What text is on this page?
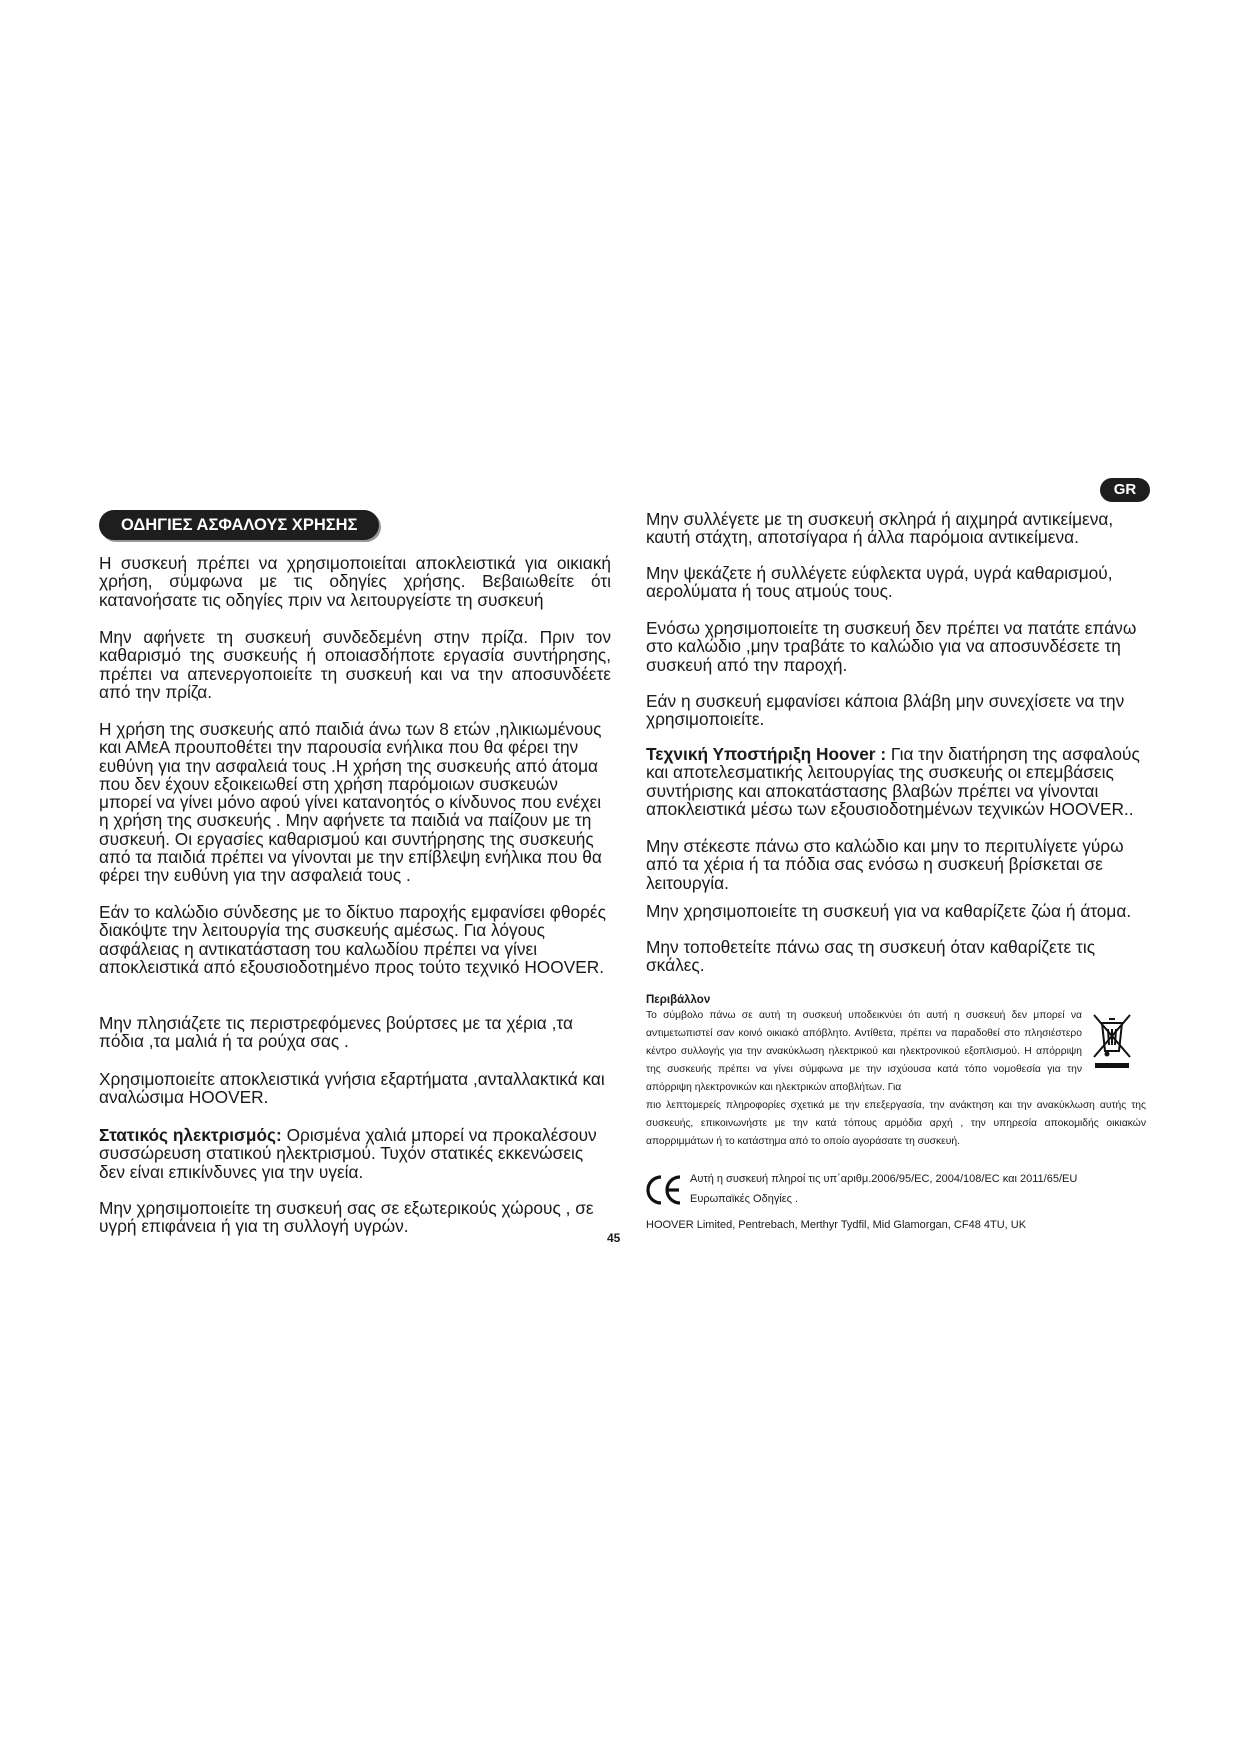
GR
ΟΔΗΓΙΕΣ ΑΣΦΑΛΟΥΣ ΧΡΗΣΗΣ

Η συσκευή πρέπει να χρησιμοποιείται αποκλειστικά για οικιακή χρήση, σύμφωνα με τις οδηγίες χρήσης. Βεβαιωθείτε ότι κατανοήσατε τις οδηγίες πριν να λειτουργείστε τη συσκευή

Μην αφήνετε τη συσκευή συνδεδεμένη στην πρίζα. Πριν τον καθαρισμό της συσκευής ή οποιασδήποτε εργασία συντήρησης, πρέπει να απενεργοποιείτε τη συσκευή και να την αποσυνδέετε από την πρίζα.

Η χρήση της συσκευής από παιδιά άνω των 8 ετών ,ηλικιωμένους και ΑΜεΑ προυποθέτει την παρουσία ενήλικα που θα φέρει την ευθύνη για την ασφαλειά τους .Η χρήση της συσκευής από άτομα που δεν έχουν εξοικειωθεί στη χρήση παρόμοιων συσκευών μπορεί να γίνει μόνο αφού γίνει κατανοητός ο κίνδυνος που ενέχει η χρήση της συσκευής . Μην αφήνετε τα παιδιά να παίζουν με τη συσκευή. Οι εργασίες καθαρισμού και συντήρησης της συσκευής από τα παιδιά πρέπει να γίνονται με την επίβλεψη ενήλικα που θα φέρει την ευθύνη για την ασφαλειά τους .

Εάν το καλώδιο σύνδεσης με το δίκτυο παροχής εμφανίσει φθορές διακόψτε την λειτουργία της συσκευής αμέσως. Για λόγους ασφάλειας η αντικατάσταση του καλωδίου πρέπει να γίνει αποκλειστικά από εξουσιοδοτημένο προς τούτο τεχνικό HOOVER.

Μην πλησιάζετε τις περιστρεφόμενες βούρτσες με τα χέρια ,τα πόδια ,τα μαλιά ή τα ρούχα σας .

Χρησιμοποιείτε αποκλειστικά γνήσια εξαρτήματα ,ανταλλακτικά και αναλώσιμα HOOVER.

Στατικός ηλεκτρισμός: Ορισμένα χαλιά μπορεί να προκαλέσουν συσσώρευση στατικού ηλεκτρισμού. Τυχόν στατικές εκκενώσεις δεν είναι επικίνδυνες για την υγεία.

Μην χρησιμοποιείτε τη συσκευή σας σε εξωτερικούς χώρους , σε υγρή επιφάνεια ή για τη συλλογή υγρών.

Μην συλλέγετε με τη συσκευή σκληρά ή αιχμηρά αντικείμενα, καυτή στάχτη, αποτσίγαρα ή άλλα παρόμοια αντικείμενα.

Μην ψεκάζετε ή συλλέγετε εύφλεκτα υγρά, υγρά καθαρισμού, αερολύματα ή τους ατμούς τους.

Ενόσω χρησιμοποιείτε τη συσκευή δεν πρέπει να πατάτε επάνω στο καλώδιο ,μην τραβάτε το καλώδιο για να αποσυνδέσετε τη συσκευή από την παροχή.

Εάν η συσκευή εμφανίσει κάποια βλάβη μην συνεχίσετε να την χρησιμοποιείτε.

Τεχνική Υποστήριξη Hoover : Για την διατήρηση της ασφαλούς και αποτελεσματικής λειτουργίας της συσκευής οι επεμβάσεις συντήρισης και αποκατάστασης βλαβών πρέπει να γίνονται αποκλειστικά μέσω των εξουσιοδοτημένων τεχνικών HOOVER..

Μην στέκεστε πάνω στο καλώδιο και μην το περιτυλίγετε γύρω από τα χέρια ή τα πόδια σας ενόσω η συσκευή βρίσκεται σε λειτουργία.

Μην χρησιμοποιείτε τη συσκευή για να καθαρίζετε ζώα ή άτομα.

Μην τοποθετείτε πάνω σας τη συσκευή όταν καθαρίζετε τις σκάλες.

Περιβάλλον

Το σύμβολο πάνω σε αυτή τη συσκευή υποδεικνύει ότι αυτή η συσκευή δεν μπορεί να αντιμετωπιστεί σαν κοινό οικιακό απόβλητο. Αντίθετα, πρέπει να παραδοθεί στο πλησιέστερο κέντρο συλλογής για την ανακύκλωση ηλεκτρικού και ηλεκτρονικού εξοπλισμού. Η απόρριψη της συσκευής πρέπει να γίνει σύμφωνα με την ισχύουσα κατά τόπο νομοθεσία για την απόρριψη ηλεκτρονικών και ηλεκτρικών αποβλήτων. Για

πιο λεπτομερείς πληροφορίες σχετικά με την επεξεργασία, την ανάκτηση και την ανακύκλωση αυτής της συσκευής, επικοινωνήστε με την κατά τόπους αρμόδια αρχή , την υπηρεσία αποκομιδής οικιακών απορριμμάτων ή το κατάστημα από το οποίο αγοράσατε τη συσκευή.

Αυτή η συσκευή πληροί τις υπ΄αριθμ.2006/95/EC, 2004/108/EC και 2011/65/EU

Ευρωπαϊκές Οδηγίες .

HOOVER Limited, Pentrebach, Merthyr Tydfil, Mid Glamorgan, CF48 4TU, UK
45
